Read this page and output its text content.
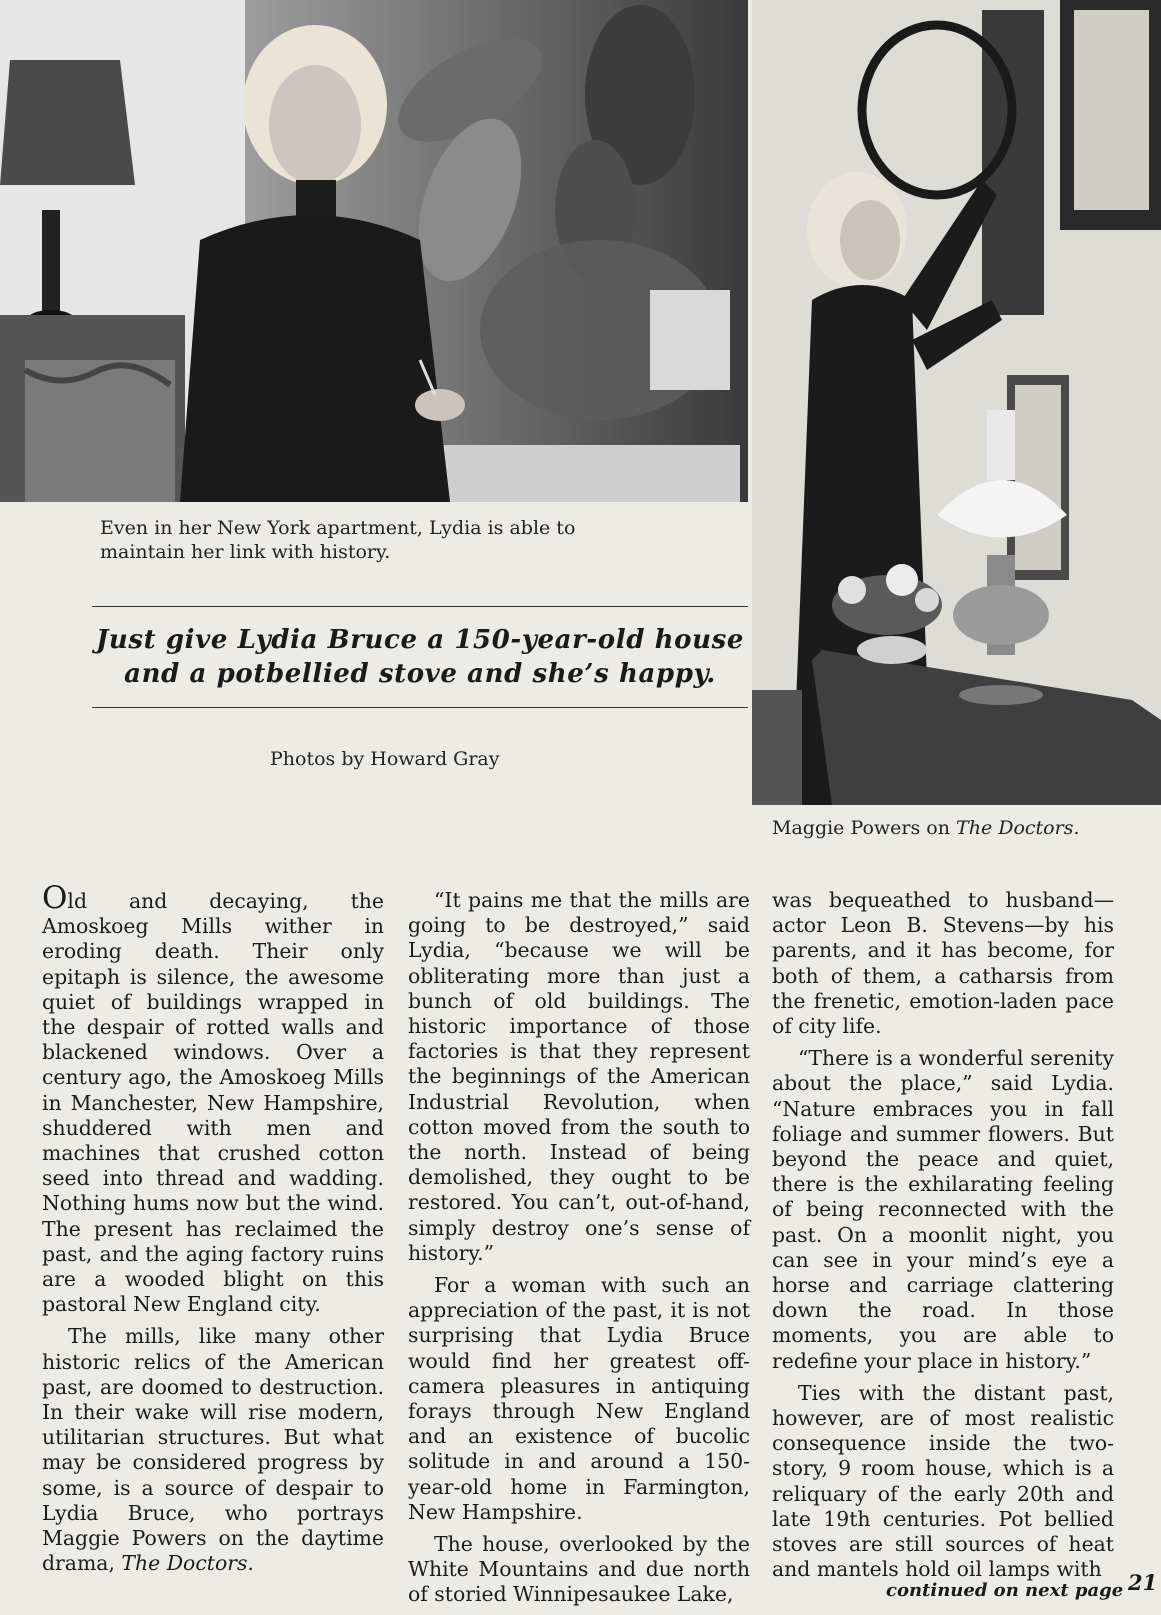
Even in her New York apartment, Lydia is able to maintain her link with history.
Just give Lydia Bruce a 150-year-old house
and a potbellied stove and she’s happy.
Photos by Howard Gray
Maggie Powers on The Doctors.

Old and decaying, the Amoskoeg Mills wither in eroding death. Their only epitaph is silence, the awesome quiet of buildings wrapped in the despair of rotted walls and blackened windows. Over a century ago, the Amoskoeg Mills in Manchester, New Hampshire, shuddered with men and machines that crushed cotton seed into thread and wadding. Nothing hums now but the wind. The present has reclaimed the past, and the aging factory ruins are a wooded blight on this pastoral New England city.

The mills, like many other historic relics of the American past, are doomed to destruction. In their wake will rise modern, utilitarian structures. But what may be considered progress by some, is a source of despair to Lydia Bruce, who portrays Maggie Powers on the daytime drama, The Doctors.

“It pains me that the mills are going to be destroyed,” said Lydia, “because we will be obliterating more than just a bunch of old buildings. The historic importance of those factories is that they represent the beginnings of the American Industrial Revolution, when cotton moved from the south to the north. Instead of being demolished, they ought to be restored. You can’t, out-of-hand, simply destroy one’s sense of history.”

For a woman with such an appreciation of the past, it is not surprising that Lydia Bruce would find her greatest off-camera pleasures in antiquing forays through New England and an existence of bucolic solitude in and around a 150-year-old home in Farmington, New Hampshire.

The house, overlooked by the White Mountains and due north of storied Winnipesaukee Lake,

was bequeathed to husband—actor Leon B. Stevens—by his parents, and it has become, for both of them, a catharsis from the frenetic, emotion-laden pace of city life.

“There is a wonderful serenity about the place,” said Lydia. “Nature embraces you in fall foliage and summer flowers. But beyond the peace and quiet, there is the exhilarating feeling of being reconnected with the past. On a moonlit night, you can see in your mind’s eye a horse and carriage clattering down the road. In those moments, you are able to redefine your place in history.”

Ties with the distant past, however, are of most realistic consequence inside the two-story, 9 room house, which is a reliquary of the early 20th and late 19th centuries. Pot bellied stoves are still sources of heat and mantels hold oil lamps with

21
continued on next page
